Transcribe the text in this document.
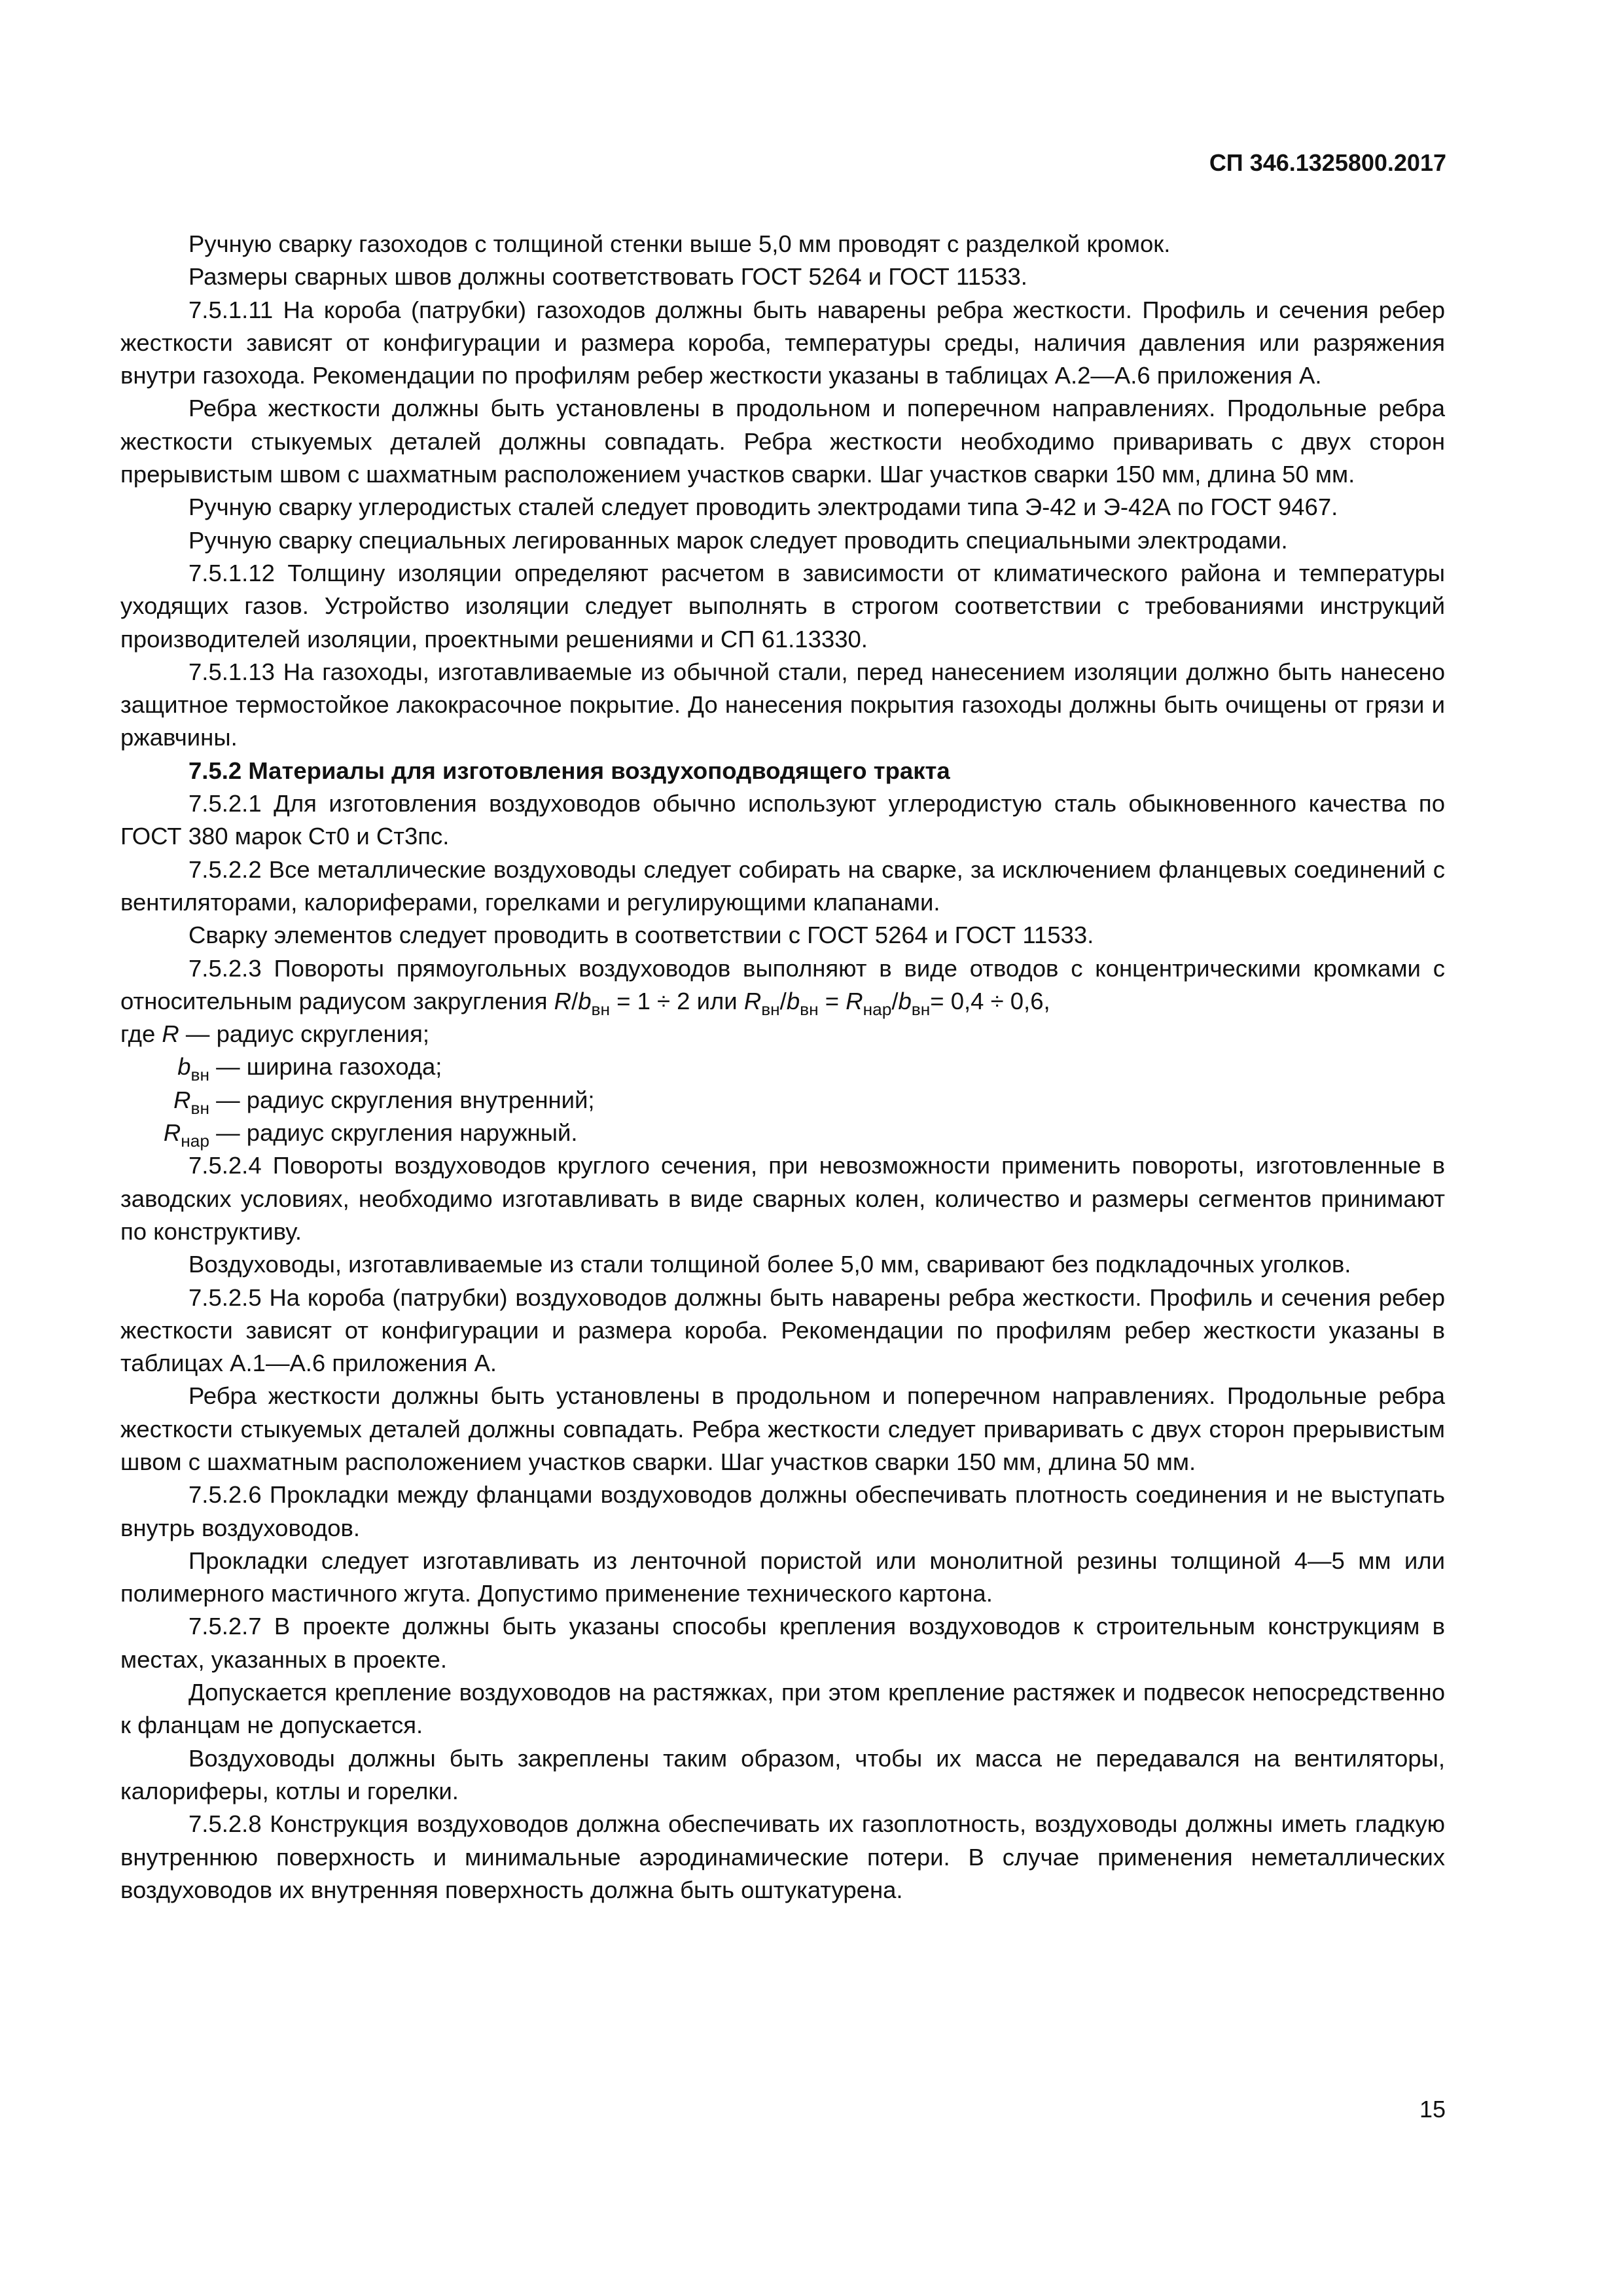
СП 346.1325800.2017

Ручную сварку газоходов с толщиной стенки выше 5,0 мм проводят с разделкой кромок.

Размеры сварных швов должны соответствовать ГОСТ 5264 и ГОСТ 11533.

7.5.1.11 На короба (патрубки) газоходов должны быть наварены ребра жесткости. Профиль и сечения ребер жесткости зависят от конфигурации и размера короба, температуры среды, наличия давления или разряжения внутри газохода. Рекомендации по профилям ребер жесткости указаны в таблицах А.2—А.6 приложения А.

Ребра жесткости должны быть установлены в продольном и поперечном направлениях. Продольные ребра жесткости стыкуемых деталей должны совпадать. Ребра жесткости необходимо приваривать с двух сторон прерывистым швом с шахматным расположением участков сварки. Шаг участков сварки 150 мм, длина 50 мм.

Ручную сварку углеродистых сталей следует проводить электродами типа Э-42 и Э-42А по ГОСТ 9467.

Ручную сварку специальных легированных марок следует проводить специальными электродами.

7.5.1.12 Толщину изоляции определяют расчетом в зависимости от климатического района и температуры уходящих газов. Устройство изоляции следует выполнять в строгом соответствии с требованиями инструкций производителей изоляции, проектными решениями и СП 61.13330.

7.5.1.13 На газоходы, изготавливаемые из обычной стали, перед нанесением изоляции должно быть нанесено защитное термостойкое лакокрасочное покрытие. До нанесения покрытия газоходы должны быть очищены от грязи и ржавчины.

7.5.2 Материалы для изготовления воздухоподводящего тракта

7.5.2.1 Для изготовления воздуховодов обычно используют углеродистую сталь обыкновенного качества по ГОСТ 380 марок Ст0 и Ст3пс.

7.5.2.2 Все металлические воздуховоды следует собирать на сварке, за исключением фланцевых соединений с вентиляторами, калориферами, горелками и регулирующими клапанами.

Сварку элементов следует проводить в соответствии с ГОСТ 5264 и ГОСТ 11533.

7.5.2.3 Повороты прямоугольных воздуховодов выполняют в виде отводов с концентрическими кромками с относительным радиусом закругления $R/b_{вн} = 1 \div 2$ или $R_{вн}/b_{вн} = R_{нар}/b_{вн}= 0,4 \div 0,6$,

где R — радиус скругления;

$b_{вн}$ — ширина газохода;

$R_{вн}$ — радиус скругления внутренний;

$R_{нар}$ — радиус скругления наружный.

7.5.2.4 Повороты воздуховодов круглого сечения, при невозможности применить повороты, изготовленные в заводских условиях, необходимо изготавливать в виде сварных колен, количество и размеры сегментов принимают по конструктиву.

Воздуховоды, изготавливаемые из стали толщиной более 5,0 мм, сваривают без подкладочных уголков.

7.5.2.5 На короба (патрубки) воздуховодов должны быть наварены ребра жесткости. Профиль и сечения ребер жесткости зависят от конфигурации и размера короба. Рекомендации по профилям ребер жесткости указаны в таблицах А.1—А.6 приложения А.

Ребра жесткости должны быть установлены в продольном и поперечном направлениях. Продольные ребра жесткости стыкуемых деталей должны совпадать. Ребра жесткости следует приваривать с двух сторон прерывистым швом с шахматным расположением участков сварки. Шаг участков сварки 150 мм, длина 50 мм.

7.5.2.6 Прокладки между фланцами воздуховодов должны обеспечивать плотность соединения и не выступать внутрь воздуховодов.

Прокладки следует изготавливать из ленточной пористой или монолитной резины толщиной 4—5 мм или полимерного мастичного жгута. Допустимо применение технического картона.

7.5.2.7 В проекте должны быть указаны способы крепления воздуховодов к строительным конструкциям в местах, указанных в проекте.

Допускается крепление воздуховодов на растяжках, при этом крепление растяжек и подвесок непосредственно к фланцам не допускается.

Воздуховоды должны быть закреплены таким образом, чтобы их масса не передавался на вентиляторы, калориферы, котлы и горелки.

7.5.2.8 Конструкция воздуховодов должна обеспечивать их газоплотность, воздуховоды должны иметь гладкую внутреннюю поверхность и минимальные аэродинамические потери. В случае применения неметаллических воздуховодов их внутренняя поверхность должна быть оштукатурена.

15
